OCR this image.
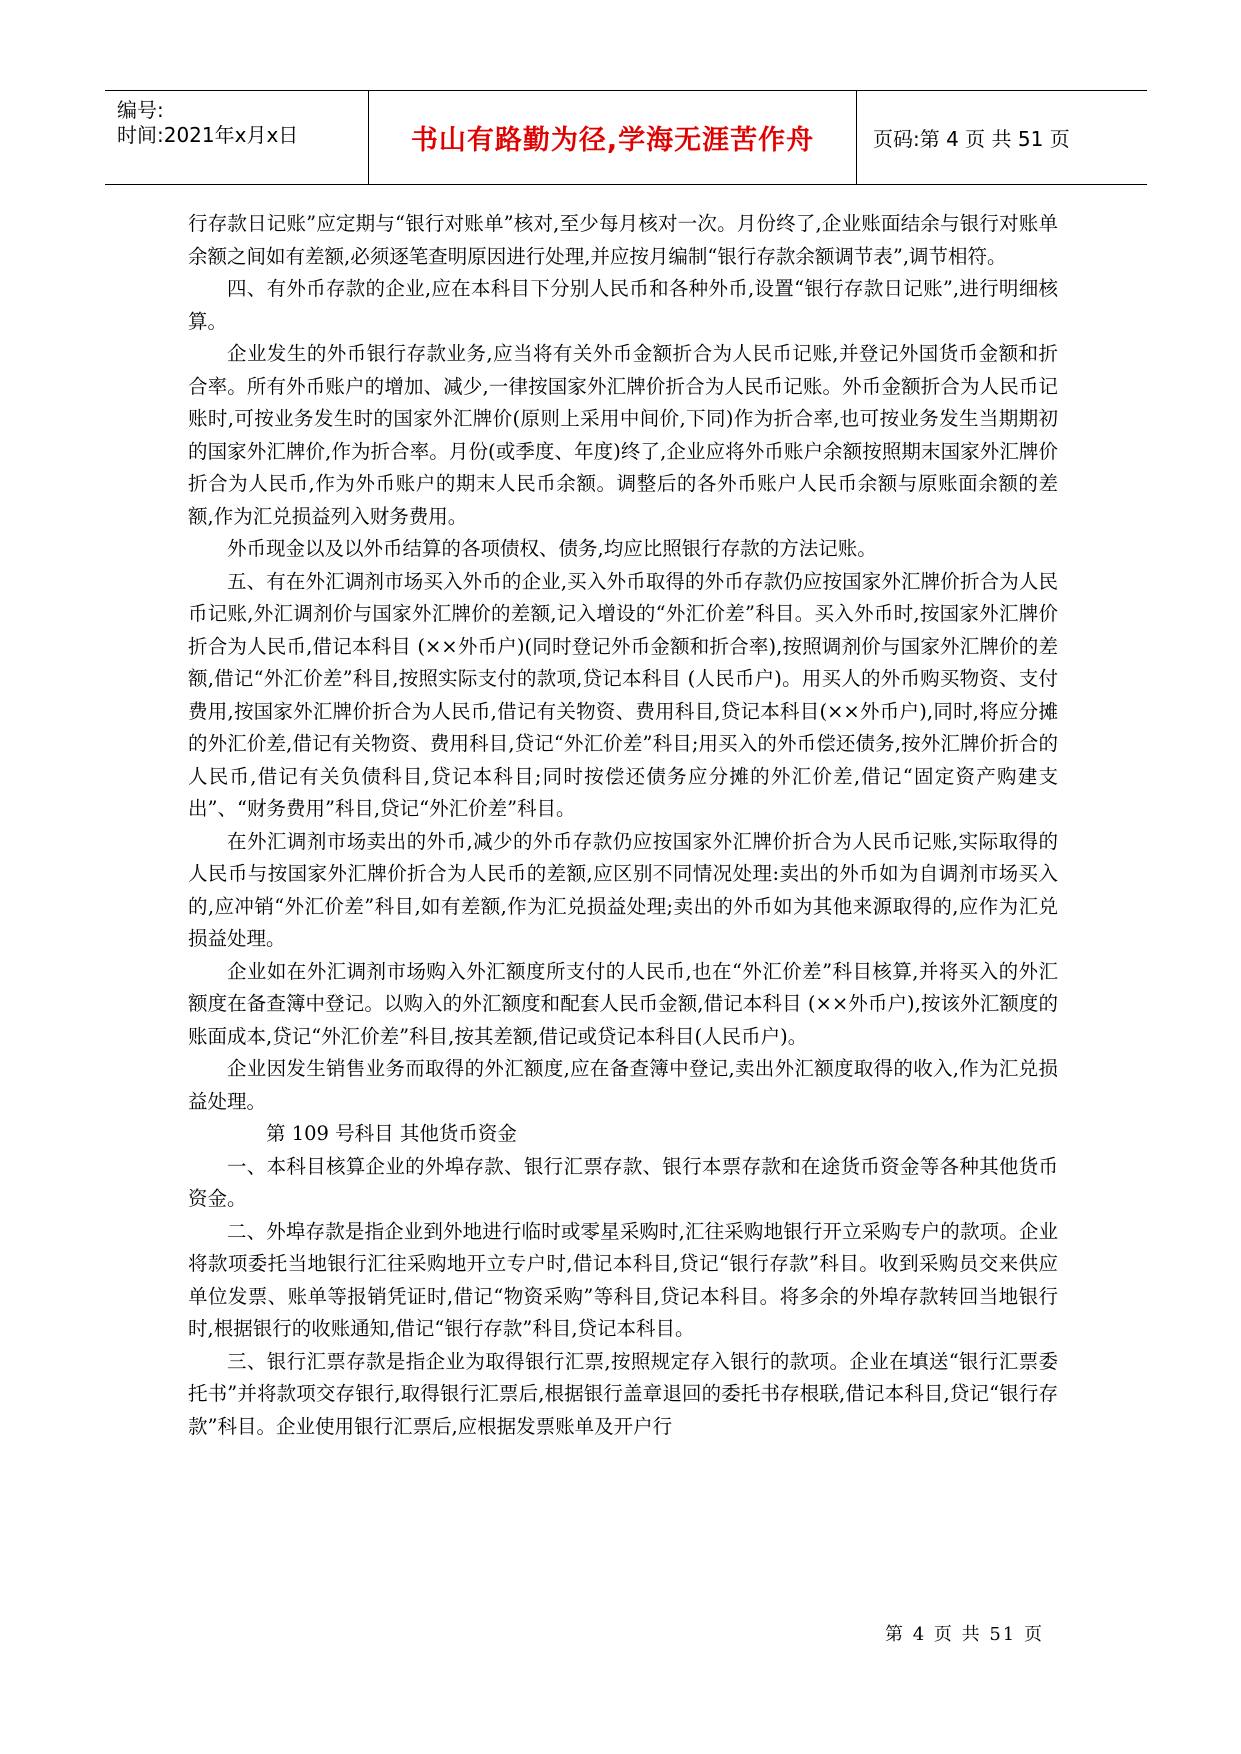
编号:
时间:2021年x月x日	书山有路勤为径,学海无涯苦作舟	页码:第 4 页 共 51 页

行存款日记账”应定期与“银行对账单”核对,至少每月核对一次。月份终了,企业账面结余与银行对账单余额之间如有差额,必须逐笔查明原因进行处理,并应按月编制“银行存款余额调节表”,调节相符。

四、有外币存款的企业,应在本科目下分别人民币和各种外币,设置“银行存款日记账”,进行明细核算。

企业发生的外币银行存款业务,应当将有关外币金额折合为人民币记账,并登记外国货币金额和折合率。所有外币账户的增加、减少,一律按国家外汇牌价折合为人民币记账。外币金额折合为人民币记账时,可按业务发生时的国家外汇牌价(原则上采用中间价,下同)作为折合率,也可按业务发生当期期初的国家外汇牌价,作为折合率。月份(或季度、年度)终了,企业应将外币账户余额按照期末国家外汇牌价折合为人民币,作为外币账户的期末人民币余额。调整后的各外币账户人民币余额与原账面余额的差额,作为汇兑损益列入财务费用。

外币现金以及以外币结算的各项债权、债务,均应比照银行存款的方法记账。

五、有在外汇调剂市场买入外币的企业,买入外币取得的外币存款仍应按国家外汇牌价折合为人民币记账,外汇调剂价与国家外汇牌价的差额,记入增设的“外汇价差”科目。买入外币时,按国家外汇牌价折合为人民币,借记本科目 (××外币户)(同时登记外币金额和折合率),按照调剂价与国家外汇牌价的差额,借记“外汇价差”科目,按照实际支付的款项,贷记本科目 (人民币户)。用买人的外币购买物资、支付费用,按国家外汇牌价折合为人民币,借记有关物资、费用科目,贷记本科目(××外币户),同时,将应分摊的外汇价差,借记有关物资、费用科目,贷记“外汇价差”科目;用买入的外币偿还债务,按外汇牌价折合的人民币,借记有关负债科目,贷记本科目;同时按偿还债务应分摊的外汇价差,借记“固定资产购建支出”、“财务费用”科目,贷记“外汇价差”科目。

在外汇调剂市场卖出的外币,减少的外币存款仍应按国家外汇牌价折合为人民币记账,实际取得的人民币与按国家外汇牌价折合为人民币的差额,应区别不同情况处理:卖出的外币如为自调剂市场买入的,应冲销“外汇价差”科目,如有差额,作为汇兑损益处理;卖出的外币如为其他来源取得的,应作为汇兑损益处理。

企业如在外汇调剂市场购入外汇额度所支付的人民币,也在“外汇价差”科目核算,并将买入的外汇额度在备查簿中登记。以购入的外汇额度和配套人民币金额,借记本科目 (××外币户),按该外汇额度的账面成本,贷记“外汇价差”科目,按其差额,借记或贷记本科目(人民币户)。

企业因发生销售业务而取得的外汇额度,应在备查簿中登记,卖出外汇额度取得的收入,作为汇兑损益处理。

第 109 号科目 其他货币资金

一、本科目核算企业的外埠存款、银行汇票存款、银行本票存款和在途货币资金等各种其他货币 资金。

二、外埠存款是指企业到外地进行临时或零星采购时,汇往采购地银行开立采购专户的款项。企业将款项委托当地银行汇往采购地开立专户时,借记本科目,贷记“银行存款”科目。收到采购员交来供应单位发票、账单等报销凭证时,借记“物资采购”等科目,贷记本科目。将多余的外埠存款转回当地银行时,根据银行的收账通知,借记“银行存款”科目,贷记本科目。

三、银行汇票存款是指企业为取得银行汇票,按照规定存入银行的款项。企业在填送“银行汇票委托书”并将款项交存银行,取得银行汇票后,根据银行盖章退回的委托书存根联,借记本科目,贷记“银行存款”科目。企业使用银行汇票后,应根据发票账单及开户行

第 4 页 共 51 页
